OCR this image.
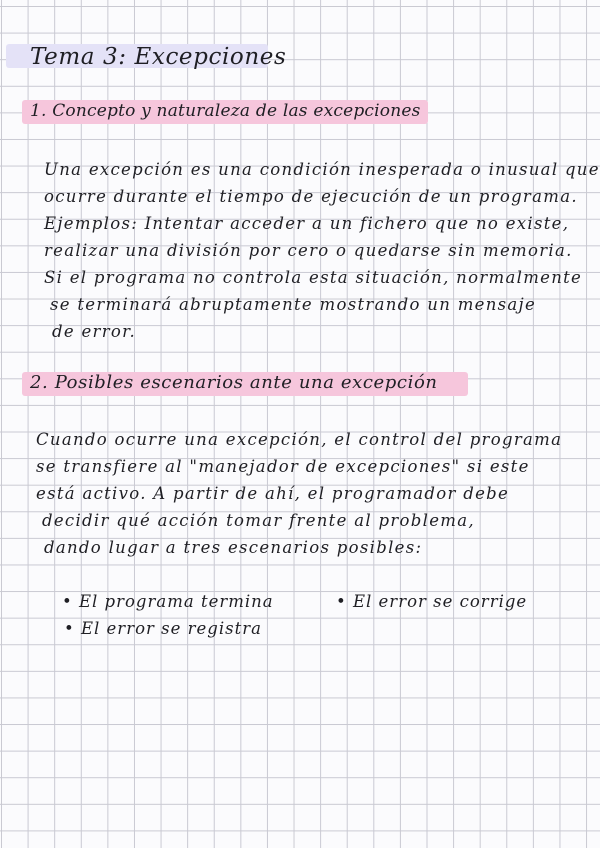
Tema 3: Excepciones
1. Concepto y naturaleza de las excepciones
Una excepción es una condición inesperada o inusual que
ocurre durante el tiempo de ejecución de un programa.
Ejemplos: Intentar acceder a un fichero que no existe,
realizar una división por cero o quedarse sin memoria.
Si el programa no controla esta situación, normalmente
se terminará abruptamente mostrando un mensaje
de error.
2. Posibles escenarios ante una excepción
Cuando ocurre una excepción, el control del programa
se transfiere al "manejador de excepciones" si este
está activo. A partir de ahí, el programador debe
decidir qué acción tomar frente al problema,
dando lugar a tres escenarios posibles:
• El programa termina	• El error se corrige
• El error se registra
